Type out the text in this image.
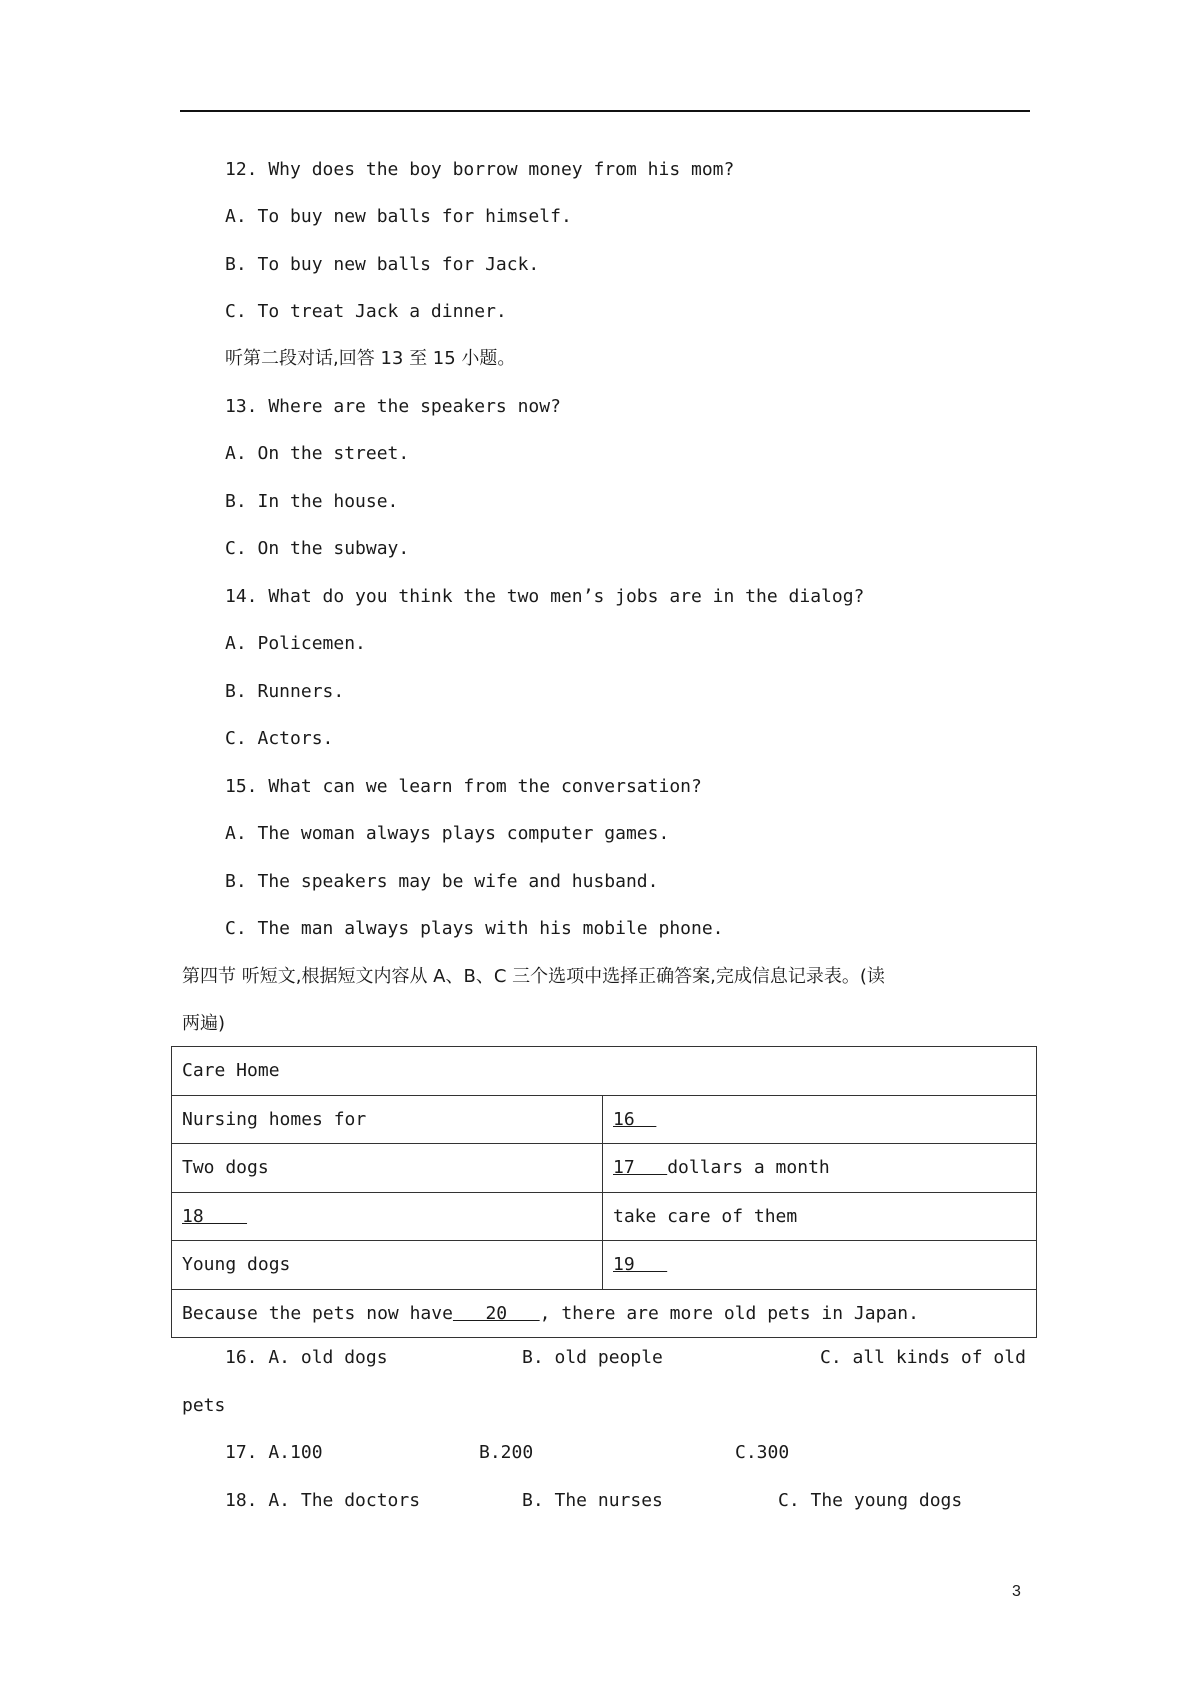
12. Why does the boy borrow money from his mom?
A. To buy new balls for himself.
B. To buy new balls for Jack.
C. To treat Jack a dinner.
听第二段对话,回答 13 至 15 小题。
13. Where are the speakers now?
A. On the street.
B. In the house.
C. On the subway.
14. What do you think the two men’s jobs are in the dialog?
A. Policemen.
B. Runners.
C. Actors.
15. What can we learn from the conversation?
A. The woman always plays computer games.
B. The speakers may be wife and husband.
C. The man always plays with his mobile phone.
第四节 听短文,根据短文内容从 A、B、C 三个选项中选择正确答案,完成信息记录表。(读
两遍)
Care Home
Nursing homes for	16
Two dogs	17   dollars a month
18	take care of them
Young dogs	19
Because the pets now have   20   , there are more old pets in Japan.
16. A. old dogs	B. old people	C. all kinds of old
pets
17. A.100	B.200	C.300
18. A. The doctors	B. The nurses	C. The young dogs
3
